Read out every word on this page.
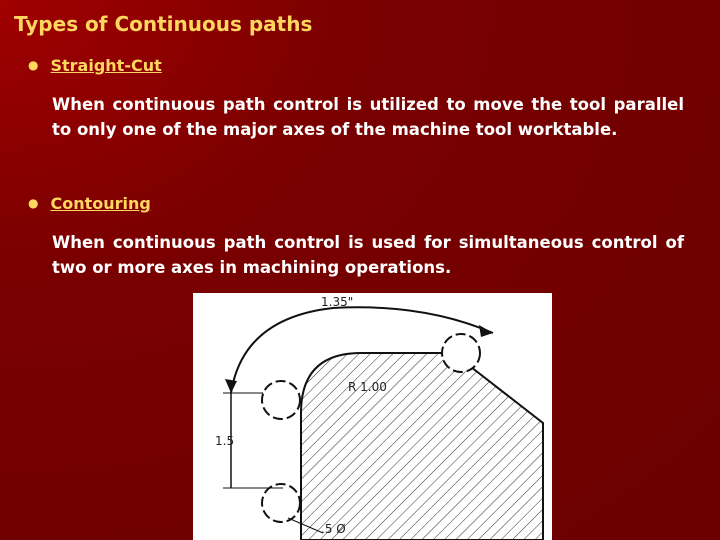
Types of Continuous paths
● Straight-Cut
When continuous path control is utilized to move the tool parallel to only one of the major axes of the machine tool worktable.
● Contouring
When continuous path control is used for simultaneous control of two or more axes in machining operations.
1.35"
R 1.00
1.5
.5 Ø
